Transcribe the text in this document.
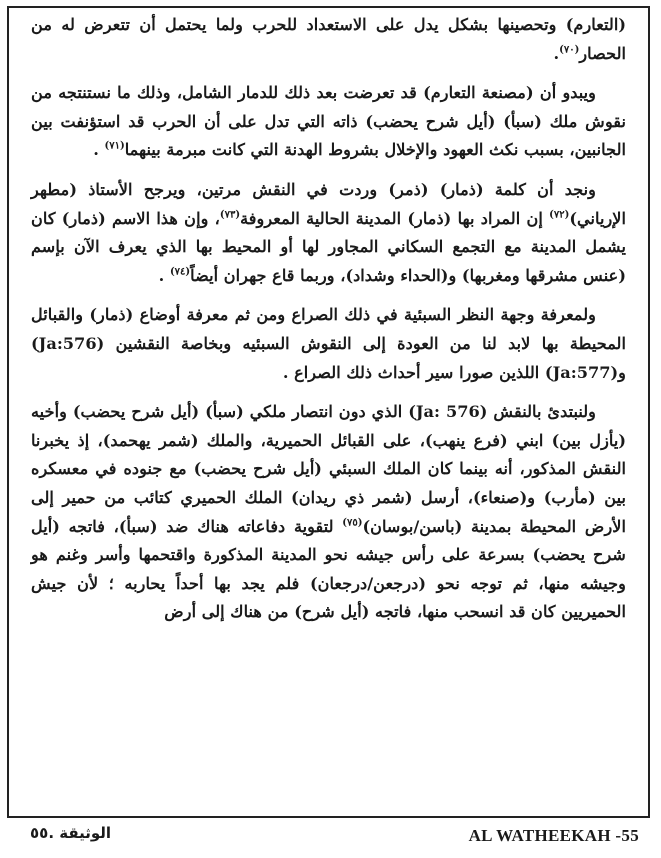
(التعارم) وتحصينها بشكل يدل على الاستعداد للحرب ولما يحتمل أن تتعرض له من الحصار$^{(٧٠)}$.

ويبدو أن (مصنعة التعارم) قد تعرضت بعد ذلك للدمار الشامل، وذلك ما نستنتجه من نقوش ملك (سبأ) (أيل شرح يحضب) ذاته التي تدل على أن الحرب قد استؤنفت بين الجانبين، بسبب نكث العهود والإخلال بشروط الهدنة التي كانت مبرمة بينهما$^{(٧١)}$ .

ونجد أن كلمة (ذمار) (ذمر) وردت في النقش مرتين، ويرجح الأستاذ (مطهر الإرياني)$^{(٧٢)}$ إن المراد بها (ذمار) المدينة الحالية المعروفة$^{(٧٣)}$، وإن هذا الاسم (ذمار) كان يشمل المدينة مع التجمع السكاني المجاور لها أو المحيط بها الذي يعرف الآن بإسم (عنس مشرقها ومغربها) و(الحداء وشداد)، وربما قاع جهران أيضاً$^{(٧٤)}$ .

ولمعرفة وجهة النظر السبئية في ذلك الصراع ومن ثم معرفة أوضاع (ذمار) والقبائل المحيطة بها لابد لنا من العودة إلى النقوش السبئيه وبخاصة النقشين (Ja:576) و(Ja:577) اللذين صورا سير أحداث ذلك الصراع .

ولنبتدئ بالنقش (Ja: 576) الذي دون انتصار ملكي (سبأ) (أيل شرح يحضب) وأخيه (يأزل بين) ابني (فرع ينهب)، على القبائل الحميرية، والملك (شمر يهحمد)، إذ يخبرنا النقش المذكور، أنه بينما كان الملك السبئي (أيل شرح يحضب) مع جنوده في معسكره بين (مأرب) و(صنعاء)، أرسل (شمر ذي ريدان) الملك الحميري كتائب من حمير إلى الأرض المحيطة بمدينة (باسن/بوسان)$^{(٧٥)}$ لتقوية دفاعاته هناك ضد (سبأ)، فاتجه (أيل شرح يحضب) بسرعة على رأس جيشه نحو المدينة المذكورة واقتحمها وأسر وغنم هو وجيشه منها، ثم توجه نحو (درجعن/درجعان) فلم يجد بها أحداً يحاربه ؛ لأن جيش الحميريين كان قد انسحب منها، فاتجه (أيل شرح) من هناك إلى أرض

الوثيقة .٥٥	AL WATHEEKAH -55
